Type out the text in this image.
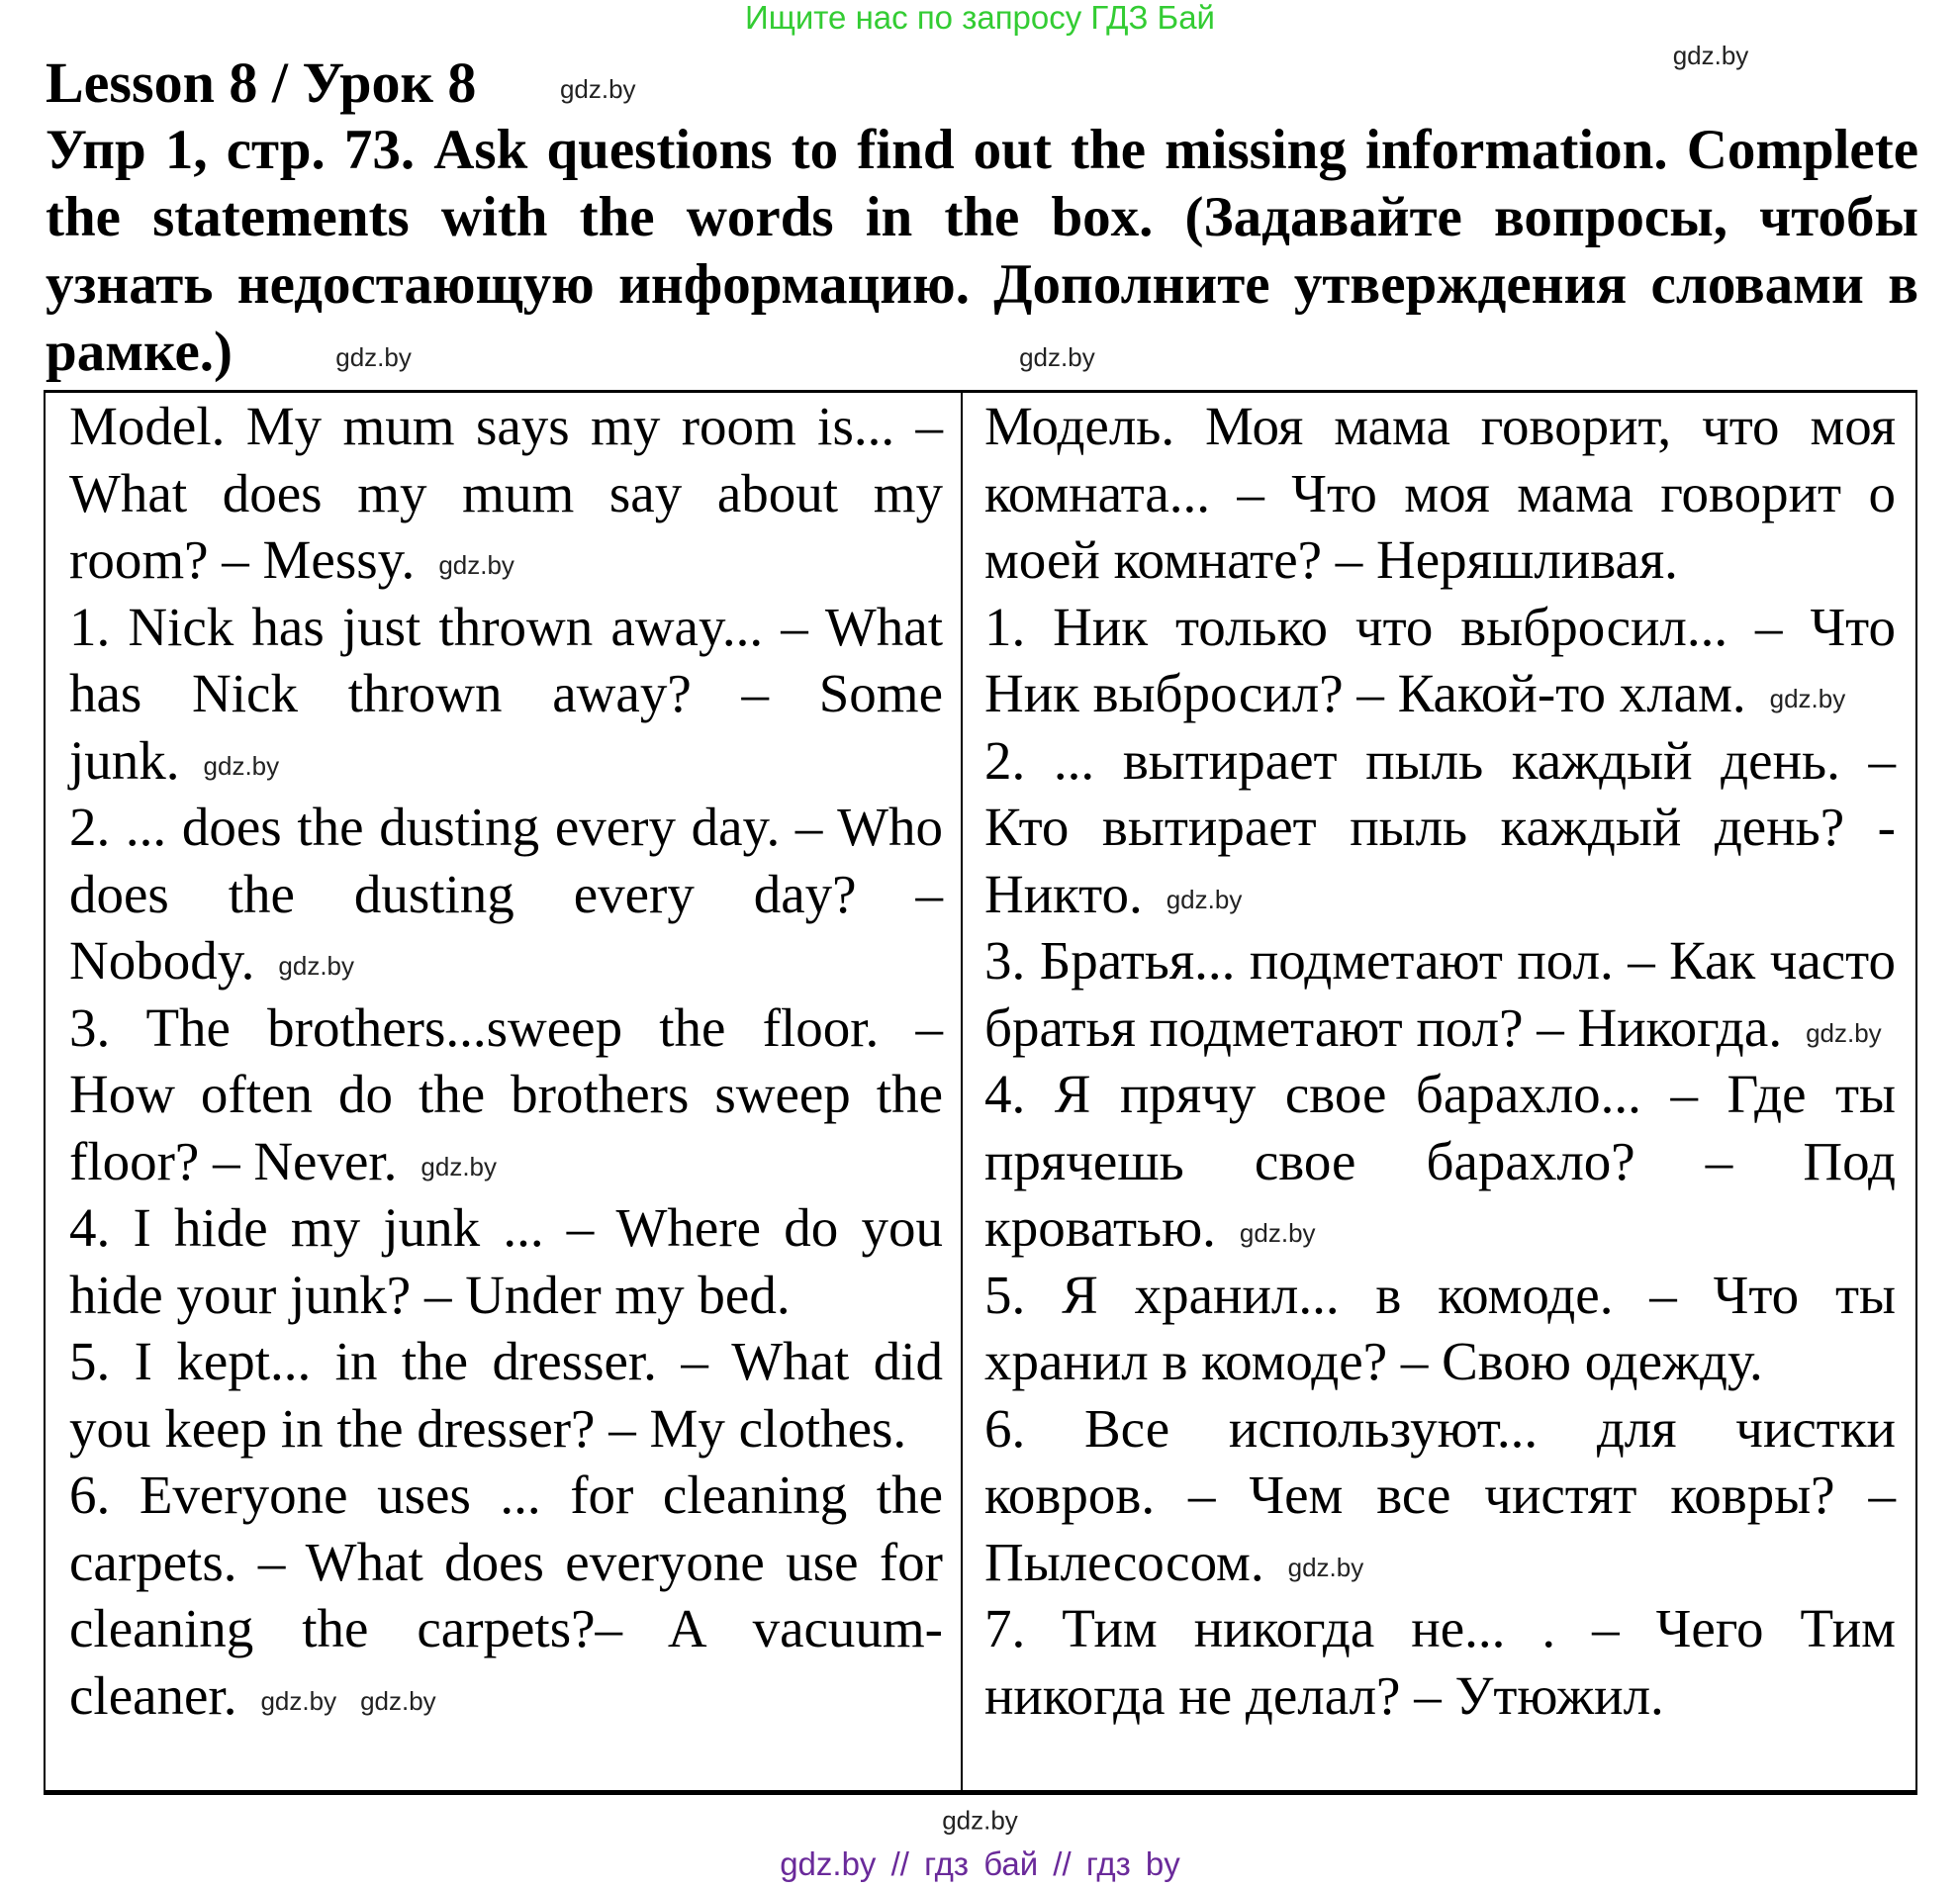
Ищите нас по запросу ГДЗ Бай
gdz.by
Lesson 8 / Урок 8	gdz.by
Упр 1, стр. 73. Ask questions to find out the missing information. Complete the statements with the words in the box. (Задавайте вопросы, чтобы узнать недостающую информацию. Дополните утверждения словами в рамке.)	gdz.by	gdz.by

Model. My mum says my room is... – What does my mum say about my room? – Messy. gdz.by

1. Nick has just thrown away... – What has Nick thrown away? – Some junk. gdz.by

2. ... does the dusting every day. – Who does the dusting every day? – Nobody. gdz.by

3. The brothers...sweep the floor. – How often do the brothers sweep the floor? – Never. gdz.by

4. I hide my junk ... – Where do you hide your junk? – Under my bed.

5. I kept... in the dresser. – What did you keep in the dresser? – My clothes.

6. Everyone uses ... for cleaning the carpets. – What does everyone use for cleaning the carpets?– A vacuum-cleaner. gdz.by gdz.by

Модель. Моя мама говорит, что моя комната... – Что моя мама говорит о моей комнате? – Неряшливая.

1. Ник только что выбросил... – Что Ник выбросил? – Какой-то хлам. gdz.by

2. ... вытирает пыль каждый день. – Кто вытирает пыль каждый день? - Никто. gdz.by

3. Братья... подметают пол. – Как часто братья подметают пол? – Никогда. gdz.by

4. Я прячу свое барахло... – Где ты прячешь свое барахло? – Под кроватью. gdz.by

5. Я хранил... в комоде. – Что ты хранил в комоде? – Свою одежду.

6. Все используют... для чистки ковров. – Чем все чистят ковры? – Пылесосом. gdz.by

7. Тим никогда не... . – Чего Тим никогда не делал? – Утюжил.

gdz.by
gdz.by // гдз бай // гдз by
